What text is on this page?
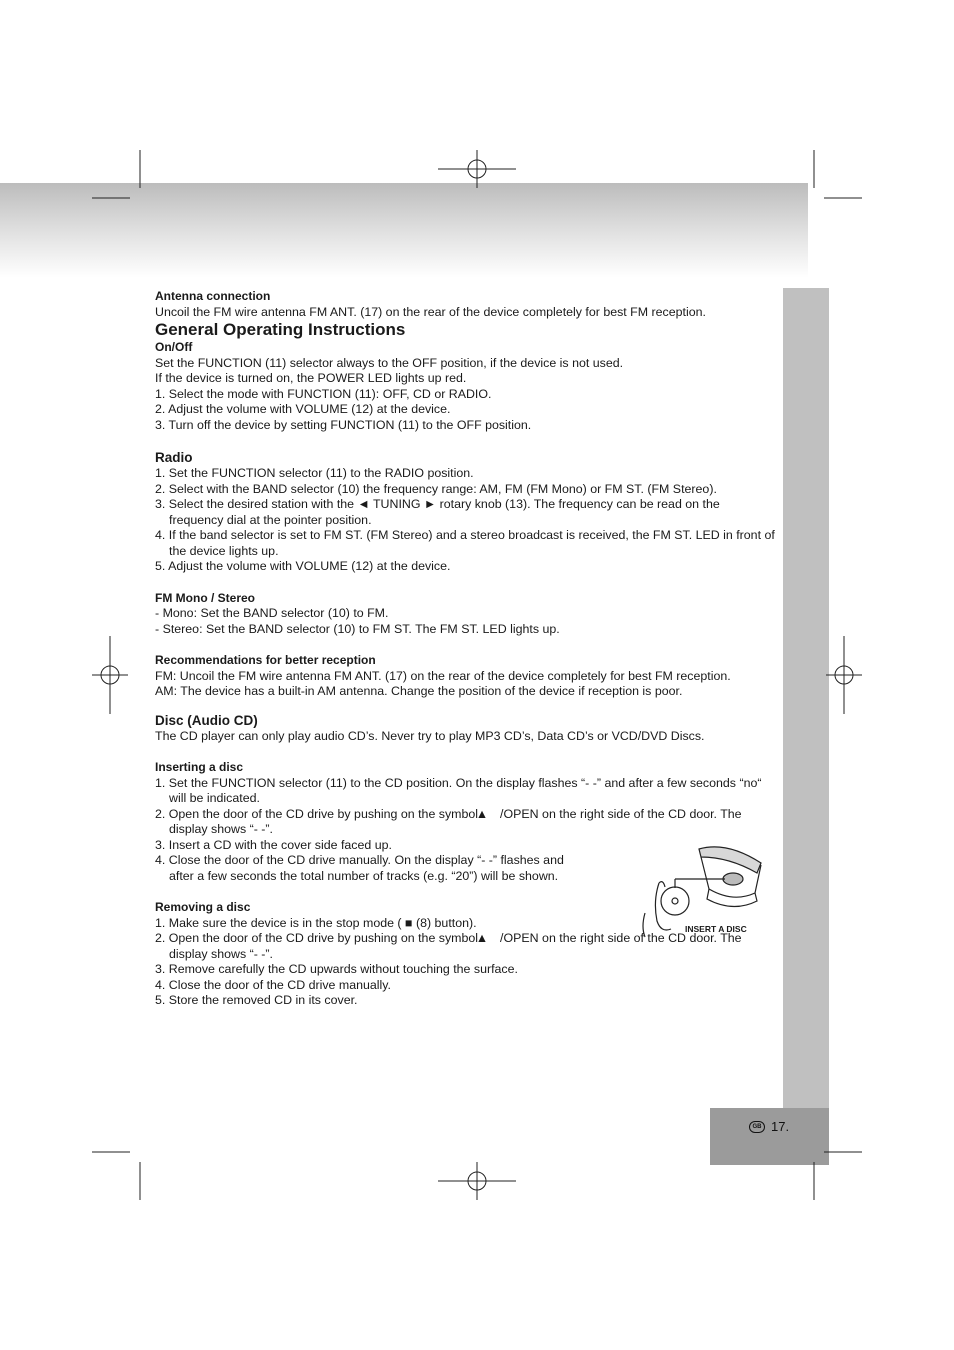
Antenna connection

Uncoil the FM wire antenna FM ANT. (17) on the rear of the device completely for best FM reception.

General Operating Instructions

On/Off

Set the FUNCTION (11) selector always to the OFF position, if the device is not used.

If the device is turned on, the POWER LED lights up red.

1. Select the mode with FUNCTION (11): OFF, CD or RADIO.

2. Adjust the volume with VOLUME (12) at the device.

3. Turn off the device by setting FUNCTION (11) to the OFF position.

Radio

1. Set the FUNCTION selector (11) to the RADIO position.
2. Select with the BAND selector (10) the frequency range: AM, FM (FM Mono) or FM ST. (FM Stereo).
3. Select the desired station with the ◄ TUNING ► rotary knob (13). The frequency can be read on the frequency dial at the pointer position.
4. If the band selector is set to FM ST. (FM Stereo) and a stereo broadcast is received, the FM ST. LED in front of the device lights up.
5. Adjust the volume with VOLUME (12) at the device.

FM Mono / Stereo

- Mono: Set the BAND selector (10) to FM.

- Stereo: Set the BAND selector (10) to FM ST. The FM ST. LED lights up.

Recommendations for better reception

FM: Uncoil the FM wire antenna FM ANT. (17) on the rear of the device completely for best FM reception.

AM: The device has a built-in AM antenna. Change the position of the device if reception is poor.

Disc (Audio CD)

The CD player can only play audio CD’s. Never try to play MP3 CD’s, Data CD’s or VCD/DVD Discs.

Inserting a disc

1. Set the FUNCTION selector (11) to the CD position. On the display flashes “- -” and after a few seconds “no“ will be indicated.
2. Open the door of the CD drive by pushing on the symbol▲ /OPEN on the right side of the CD door. The display shows “- -”.
3. Insert a CD with the cover side faced up.
4. Close the door of the CD drive manually. On the display “- -” flashes and after a few seconds the total number of tracks (e.g. “20”) will be shown.

Removing a disc

1. Make sure the device is in the stop mode ( ■ (8) button).
2. Open the door of the CD drive by pushing on the symbol▲ /OPEN on the right side of the CD door. The display shows “- -”.
3. Remove carefully the CD upwards without touching the surface.
4. Close the door of the CD drive manually.
5. Store the removed CD in its cover.
INSERT A DISC
GB 17.
